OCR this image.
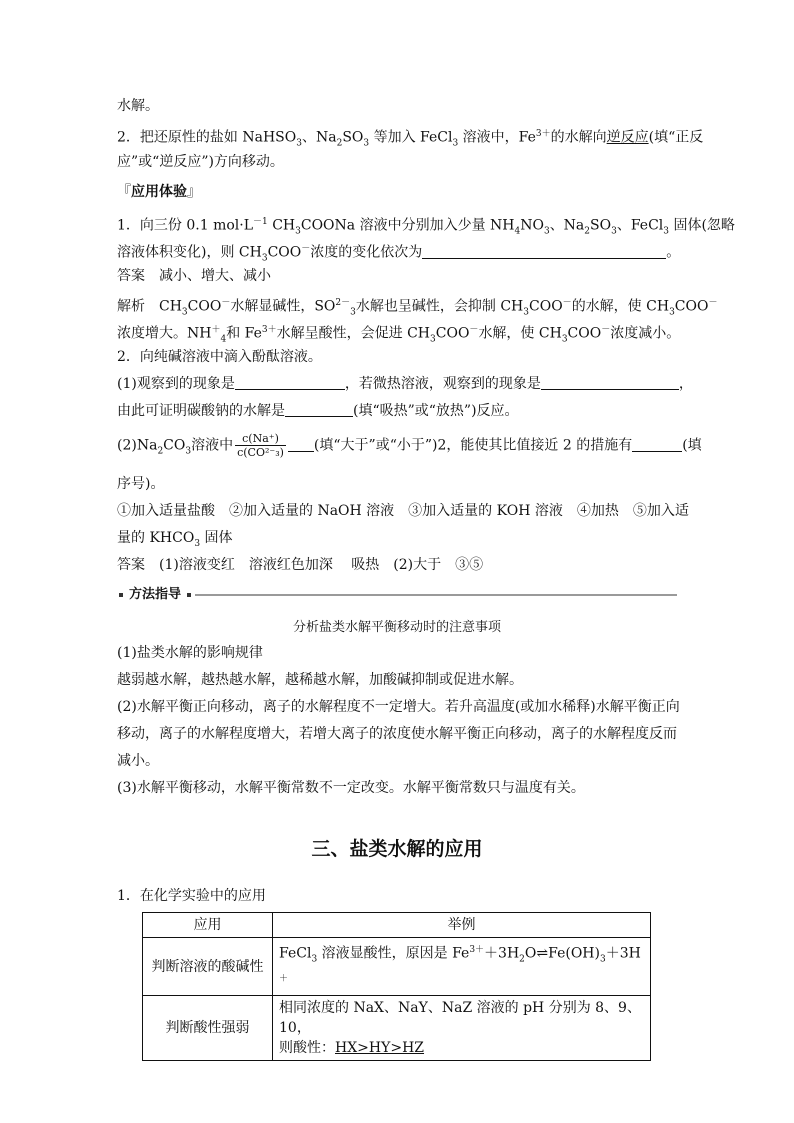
水解。
2．把还原性的盐如 NaHSO$_3$、$Na_2SO_3$ 等加入 FeCl$_3$ 溶液中，$Fe^{3+}$的水解向逆反应(填“正反
应”或“逆反应”)方向移动。
『应用体验』
1．向三份 0.1 $mol\cdot L^{-1}$ $CH_3COONa$ 溶液中分别加入少量 $NH_4NO_3$、$Na_2SO_3$、FeCl$_3$ 固体(忽略
溶液体积变化)，则 $CH_3COO^-$浓度的变化依次为	。
答案　 减小、增大、减小
解析　 $CH_3COO^-$水解显碱性，$SO^{2-}_3$水解也呈碱性，会抑制 $CH_3COO^-$的水解，使 $CH_3COO^-$
浓度增大。$NH^+_4$和 $Fe^{3+}$水解呈酸性，会促进 $CH_3COO^-$水解，使 $CH_3COO^-$浓度减小。
2．向纯碱溶液中滴入酚酞溶液。
(1)观察到的现象是	，若微热溶液，观察到的现象是	，
由此可证明碳酸钠的水解是	(填“吸热”或“放热”)反应。
$(2)Na_2CO_3$溶液中 $\frac{c(Na^+)}{\text{c(CO²⁻₃)}}$ (填“大于”或“小于”)2，能使其比值接近 2 的措施有	(填
序号)。
①加入适量盐酸　②加入适量的 NaOH 溶液　③加入适量的 KOH 溶液　④加热　⑤加入适
量的 $KHCO_3$ 固体
答案　 (1)溶液变红　溶液红色加深　 吸热　(2)大于　③⑤
方法指导
分析盐类水解平衡移动时的注意事项
(1)盐类水解的影响规律
越弱越水解，越热越水解，越稀越水解，加酸碱抑制或促进水解。
(2)水解平衡正向移动，离子的水解程度不一定增大。若升高温度(或加水稀释)水解平衡正向
移动，离子的水解程度增大，若增大离子的浓度使水解平衡正向移动，离子的水解程度反而
减小。
(3)水解平衡移动，水解平衡常数不一定改变。水解平衡常数只与温度有关。
三、盐类水解的应用
1．在化学实验中的应用
应用	举例
判断溶液的酸碱性	FeCl$_3$ 溶液显酸性，原因是 $Fe^{3+}+3H_2O\rightleftharpoons Fe(OH)_3+3H^+$
判断酸性强弱	相同浓度的 NaX、NaY、NaZ 溶液的 pH 分别为 8、9、10，
则酸性：HX>HY>HZ
